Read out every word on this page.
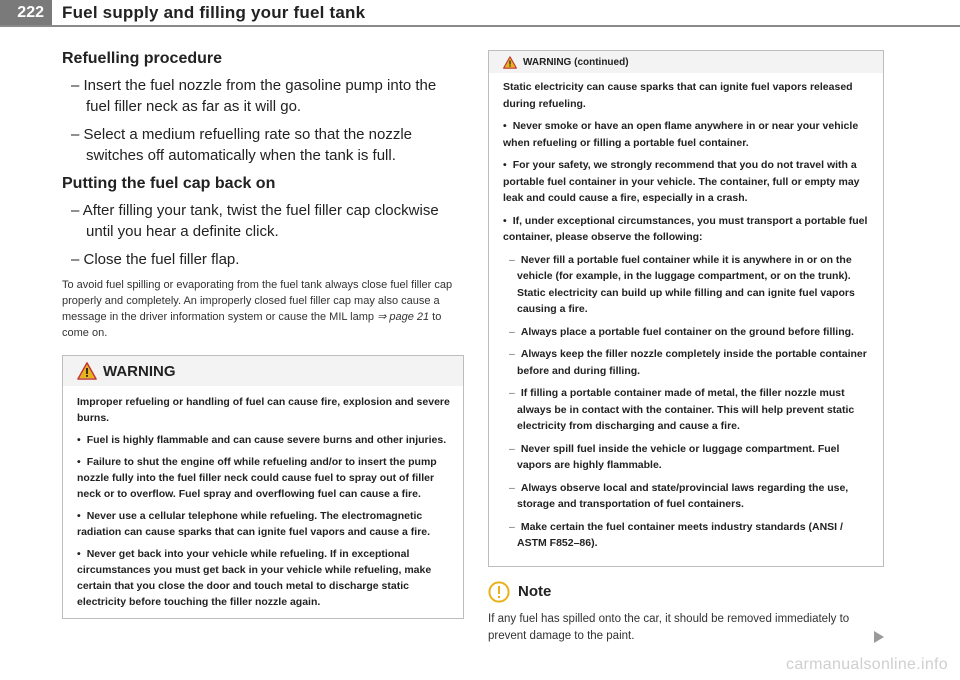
222	Fuel supply and filling your fuel tank
Refuelling procedure

– Insert the fuel nozzle from the gasoline pump into the fuel filler neck as far as it will go.

– Select a medium refuelling rate so that the nozzle switches off automatically when the tank is full.

Putting the fuel cap back on

– After filling your tank, twist the fuel filler cap clockwise until you hear a definite click.

– Close the fuel filler flap.

To avoid fuel spilling or evaporating from the fuel tank always close fuel filler cap properly and completely. An improperly closed fuel filler cap may also cause a message in the driver information system or cause the MIL lamp ⇒ page 21 to come on.

WARNING

Improper refueling or handling of fuel can cause fire, explosion and severe burns.

• Fuel is highly flammable and can cause severe burns and other injuries.

• Failure to shut the engine off while refueling and/or to insert the pump nozzle fully into the fuel filler neck could cause fuel to spray out of filler neck or to overflow. Fuel spray and overflowing fuel can cause a fire.

• Never use a cellular telephone while refueling. The electromagnetic radiation can cause sparks that can ignite fuel vapors and cause a fire.

• Never get back into your vehicle while refueling. If in exceptional circumstances you must get back in your vehicle while refueling, make certain that you close the door and touch metal to discharge static electricity before touching the filler nozzle again.

WARNING (continued)

Static electricity can cause sparks that can ignite fuel vapors released during refueling.

• Never smoke or have an open flame anywhere in or near your vehicle when refueling or filling a portable fuel container.

• For your safety, we strongly recommend that you do not travel with a portable fuel container in your vehicle. The container, full or empty may leak and could cause a fire, especially in a crash.

• If, under exceptional circumstances, you must transport a portable fuel container, please observe the following:

– Never fill a portable fuel container while it is anywhere in or on the vehicle (for example, in the luggage compartment, or on the trunk). Static electricity can build up while filling and can ignite fuel vapors causing a fire.

– Always place a portable fuel container on the ground before filling.

– Always keep the filler nozzle completely inside the portable container before and during filling.

– If filling a portable container made of metal, the filler nozzle must always be in contact with the container. This will help prevent static electricity from discharging and cause a fire.

– Never spill fuel inside the vehicle or luggage compartment. Fuel vapors are highly flammable.

– Always observe local and state/provincial laws regarding the use, storage and transportation of fuel containers.

– Make certain the fuel container meets industry standards (ANSI / ASTM F852–86).

Note

If any fuel has spilled onto the car, it should be removed immediately to prevent damage to the paint.

carmanualsonline.info
